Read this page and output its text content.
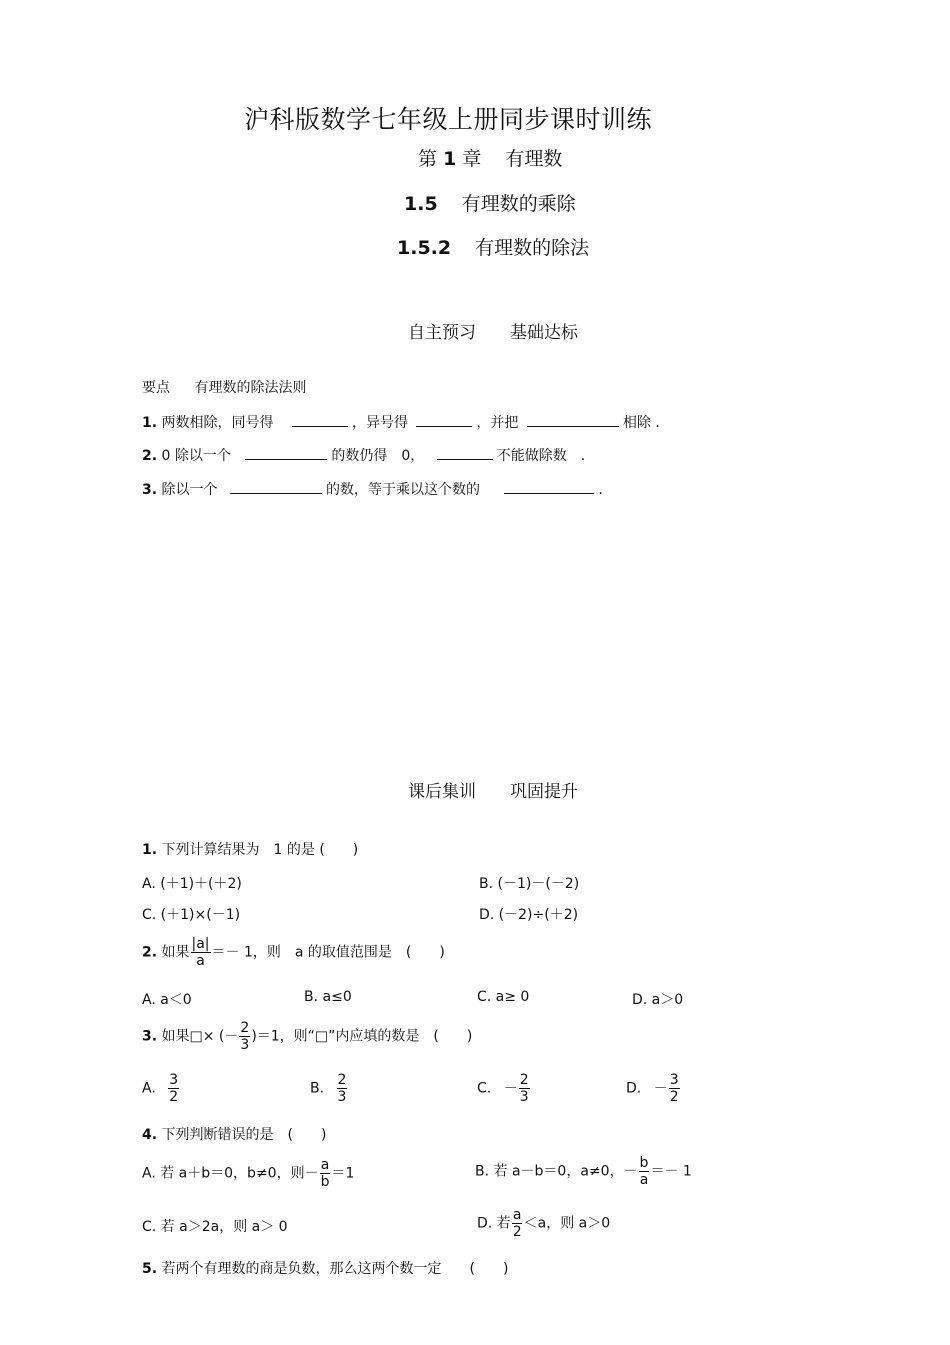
沪科版数学七年级上册同步课时训练
第 1 章 有理数
1.5 有理数的乘除
1.5.2 有理数的除法
自主预习　　基础达标
要点 有理数的除法法则
1. 两数相除，同号得	，异号得	，并把	相除 .
2. 0 除以一个	的数仍得　0，	不能做除数　.
3. 除以一个	的数，等于乘以这个数的	.
课后集训　　巩固提升
1. 下列计算结果为　1 的是 (　　)
A. (＋1)＋(＋2)	B. (－1)－(－2)
C. (＋1)×(－1)	D. (－2)÷(＋2)
2. 如果 $\frac{|a|}{a} =- 1$，则　a 的取值范围是　(　　)
A. a＜0	B. a≤0	C. a≥ 0	D. a＞0
3. 如果□× (－ $\frac{2}{3} )=1$，则“□”内应填的数是　(　　)
A. $\frac{3}{2}$	B. $\frac{2}{3}$	C. － $\frac{2}{3}$	D. － $\frac{3}{2}$
4. 下列判断错误的是　(　　)
A. 若 a＋b＝0，b≠0，则－ $\frac{a}{b} =1$	B. 若 a－b＝0，a≠0，－ $\frac{b}{a} =- 1$
C. 若 a＞2a，则 a＞ 0	D. 若 $\frac{a}{2} <a$，则 a＞0
5. 若两个有理数的商是负数，那么这两个数一定　　(　　)
